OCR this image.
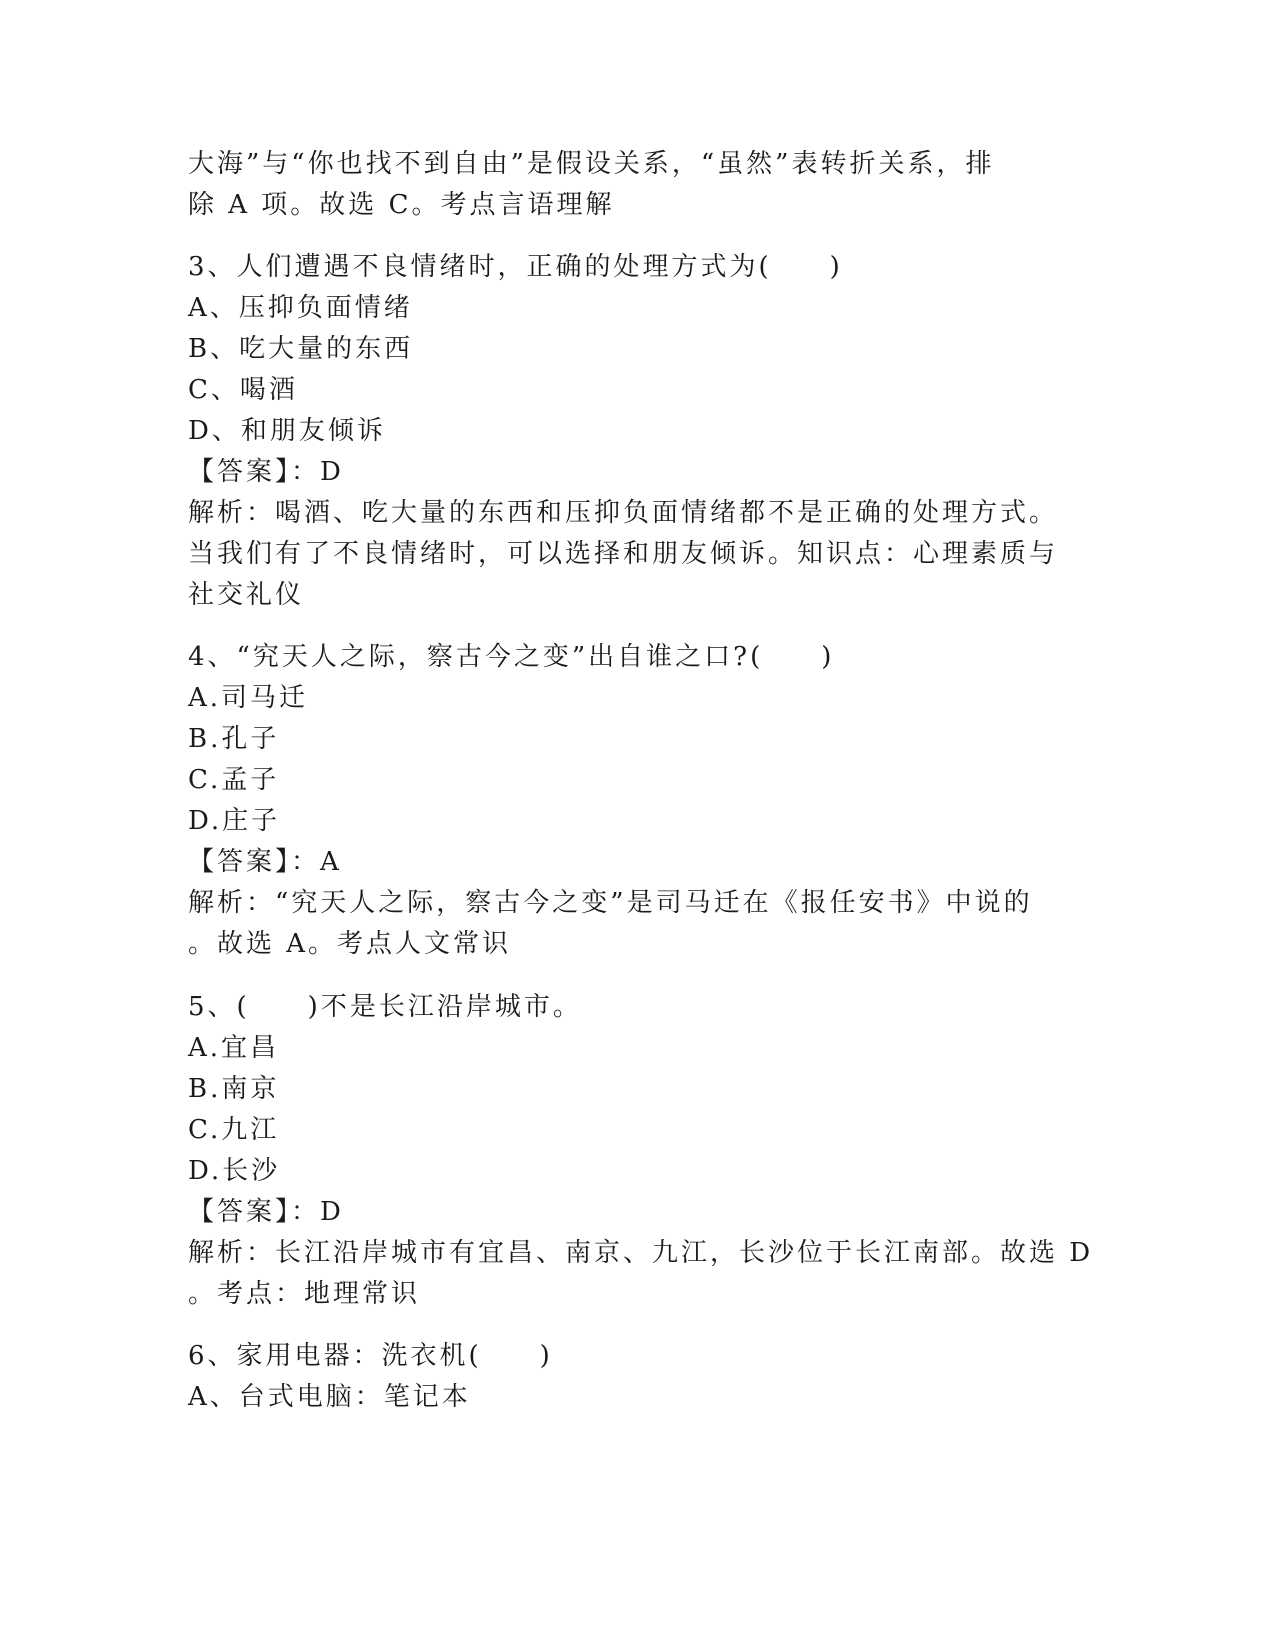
大海”与“你也找不到自由”是假设关系，“虽然”表转折关系，排
除 A 项。故选 C。考点言语理解
3、人们遭遇不良情绪时，正确的处理方式为(　　)
A、压抑负面情绪
B、吃大量的东西
C、喝酒
D、和朋友倾诉
【答案】：D
解析：喝酒、吃大量的东西和压抑负面情绪都不是正确的处理方式。
当我们有了不良情绪时，可以选择和朋友倾诉。知识点：心理素质与
社交礼仪
4、“究天人之际，察古今之变”出自谁之口?(　　)
A.司马迁
B.孔子
C.孟子
D.庄子
【答案】：A
解析：“究天人之际，察古今之变”是司马迁在《报任安书》中说的
。故选 A。考点人文常识
5、(　　)不是长江沿岸城市。
A.宜昌
B.南京
C.九江
D.长沙
【答案】：D
解析：长江沿岸城市有宜昌、南京、九江，长沙位于长江南部。故选 D
。考点：地理常识
6、家用电器：洗衣机(　　)
A、台式电脑：笔记本
